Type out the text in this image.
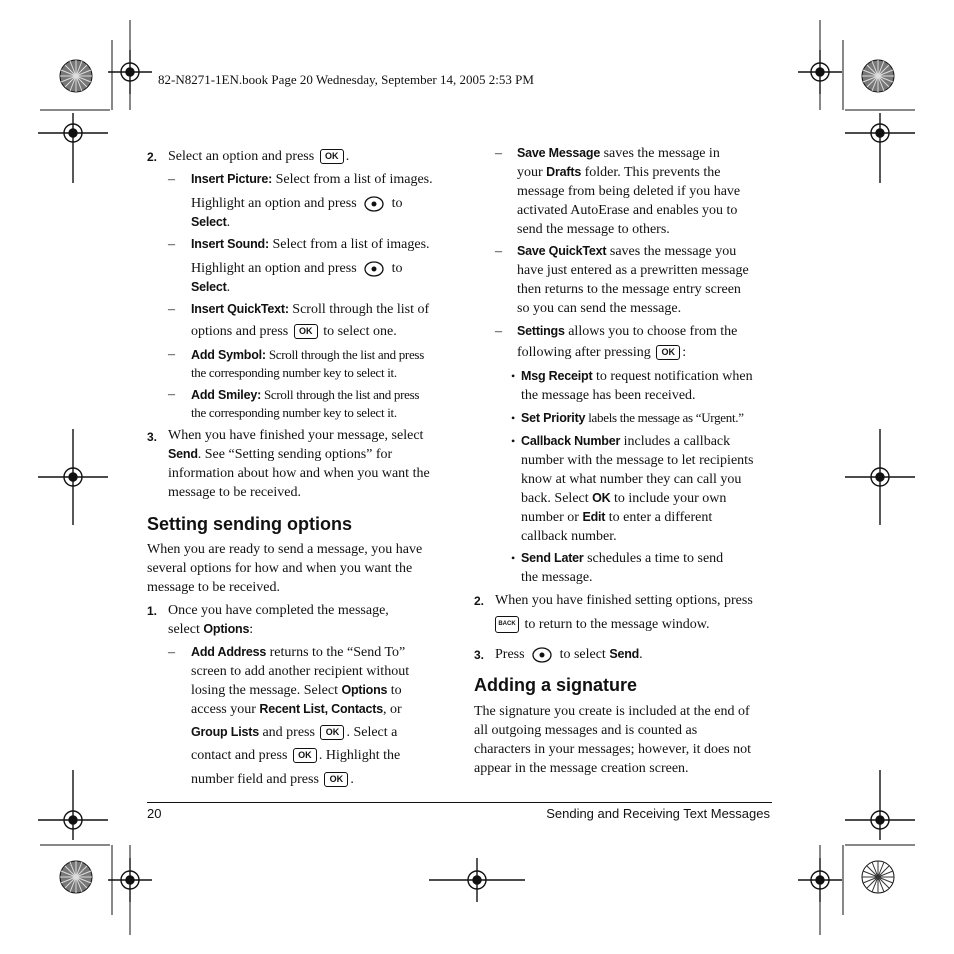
82-N8271-1EN.book Page 20 Wednesday, September 14, 2005 2:53 PM
2. Select an option and press OK .
– Insert Picture: Select from a list of images.
Highlight an option and press	to
Select.
– Insert Sound: Select from a list of images.
Highlight an option and press	to
Select.
– Insert QuickText: Scroll through the list of
options and press OK to select one.
– Add Symbol: Scroll through the list and press
the corresponding number key to select it.
– Add Smiley: Scroll through the list and press
the corresponding number key to select it.
3. When you have finished your message, select
Send. See “Setting sending options” for
information about how and when you want the
message to be received.
Setting sending options
When you are ready to send a message, you have
several options for how and when you want the
message to be received.
1. Once you have completed the message,
select Options:
– Add Address returns to the “Send To”
screen to add another recipient without
losing the message. Select Options to
access your Recent List, Contacts, or
Group Lists and press OK . Select a
contact and press OK . Highlight the
number field and press OK .
– Save Message saves the message in
your Drafts folder. This prevents the
message from being deleted if you have
activated AutoErase and enables you to
send the message to others.
– Save QuickText saves the message you
have just entered as a prewritten message
then returns to the message entry screen
so you can send the message.
– Settings allows you to choose from the
following after pressing OK :
• Msg Receipt to request notification when
the message has been received.
• Set Priority labels the message as “Urgent.”
• Callback Number includes a callback
number with the message to let recipients
know at what number they can call you
back. Select OK to include your own
number or Edit to enter a different
callback number.
• Send Later schedules a time to send
the message.
2. When you have finished setting options, press
BACK to return to the message window.
3. Press	to select Send.
Adding a signature
The signature you create is included at the end of
all outgoing messages and is counted as
characters in your messages; however, it does not
appear in the message creation screen.
20	Sending and Receiving Text Messages
